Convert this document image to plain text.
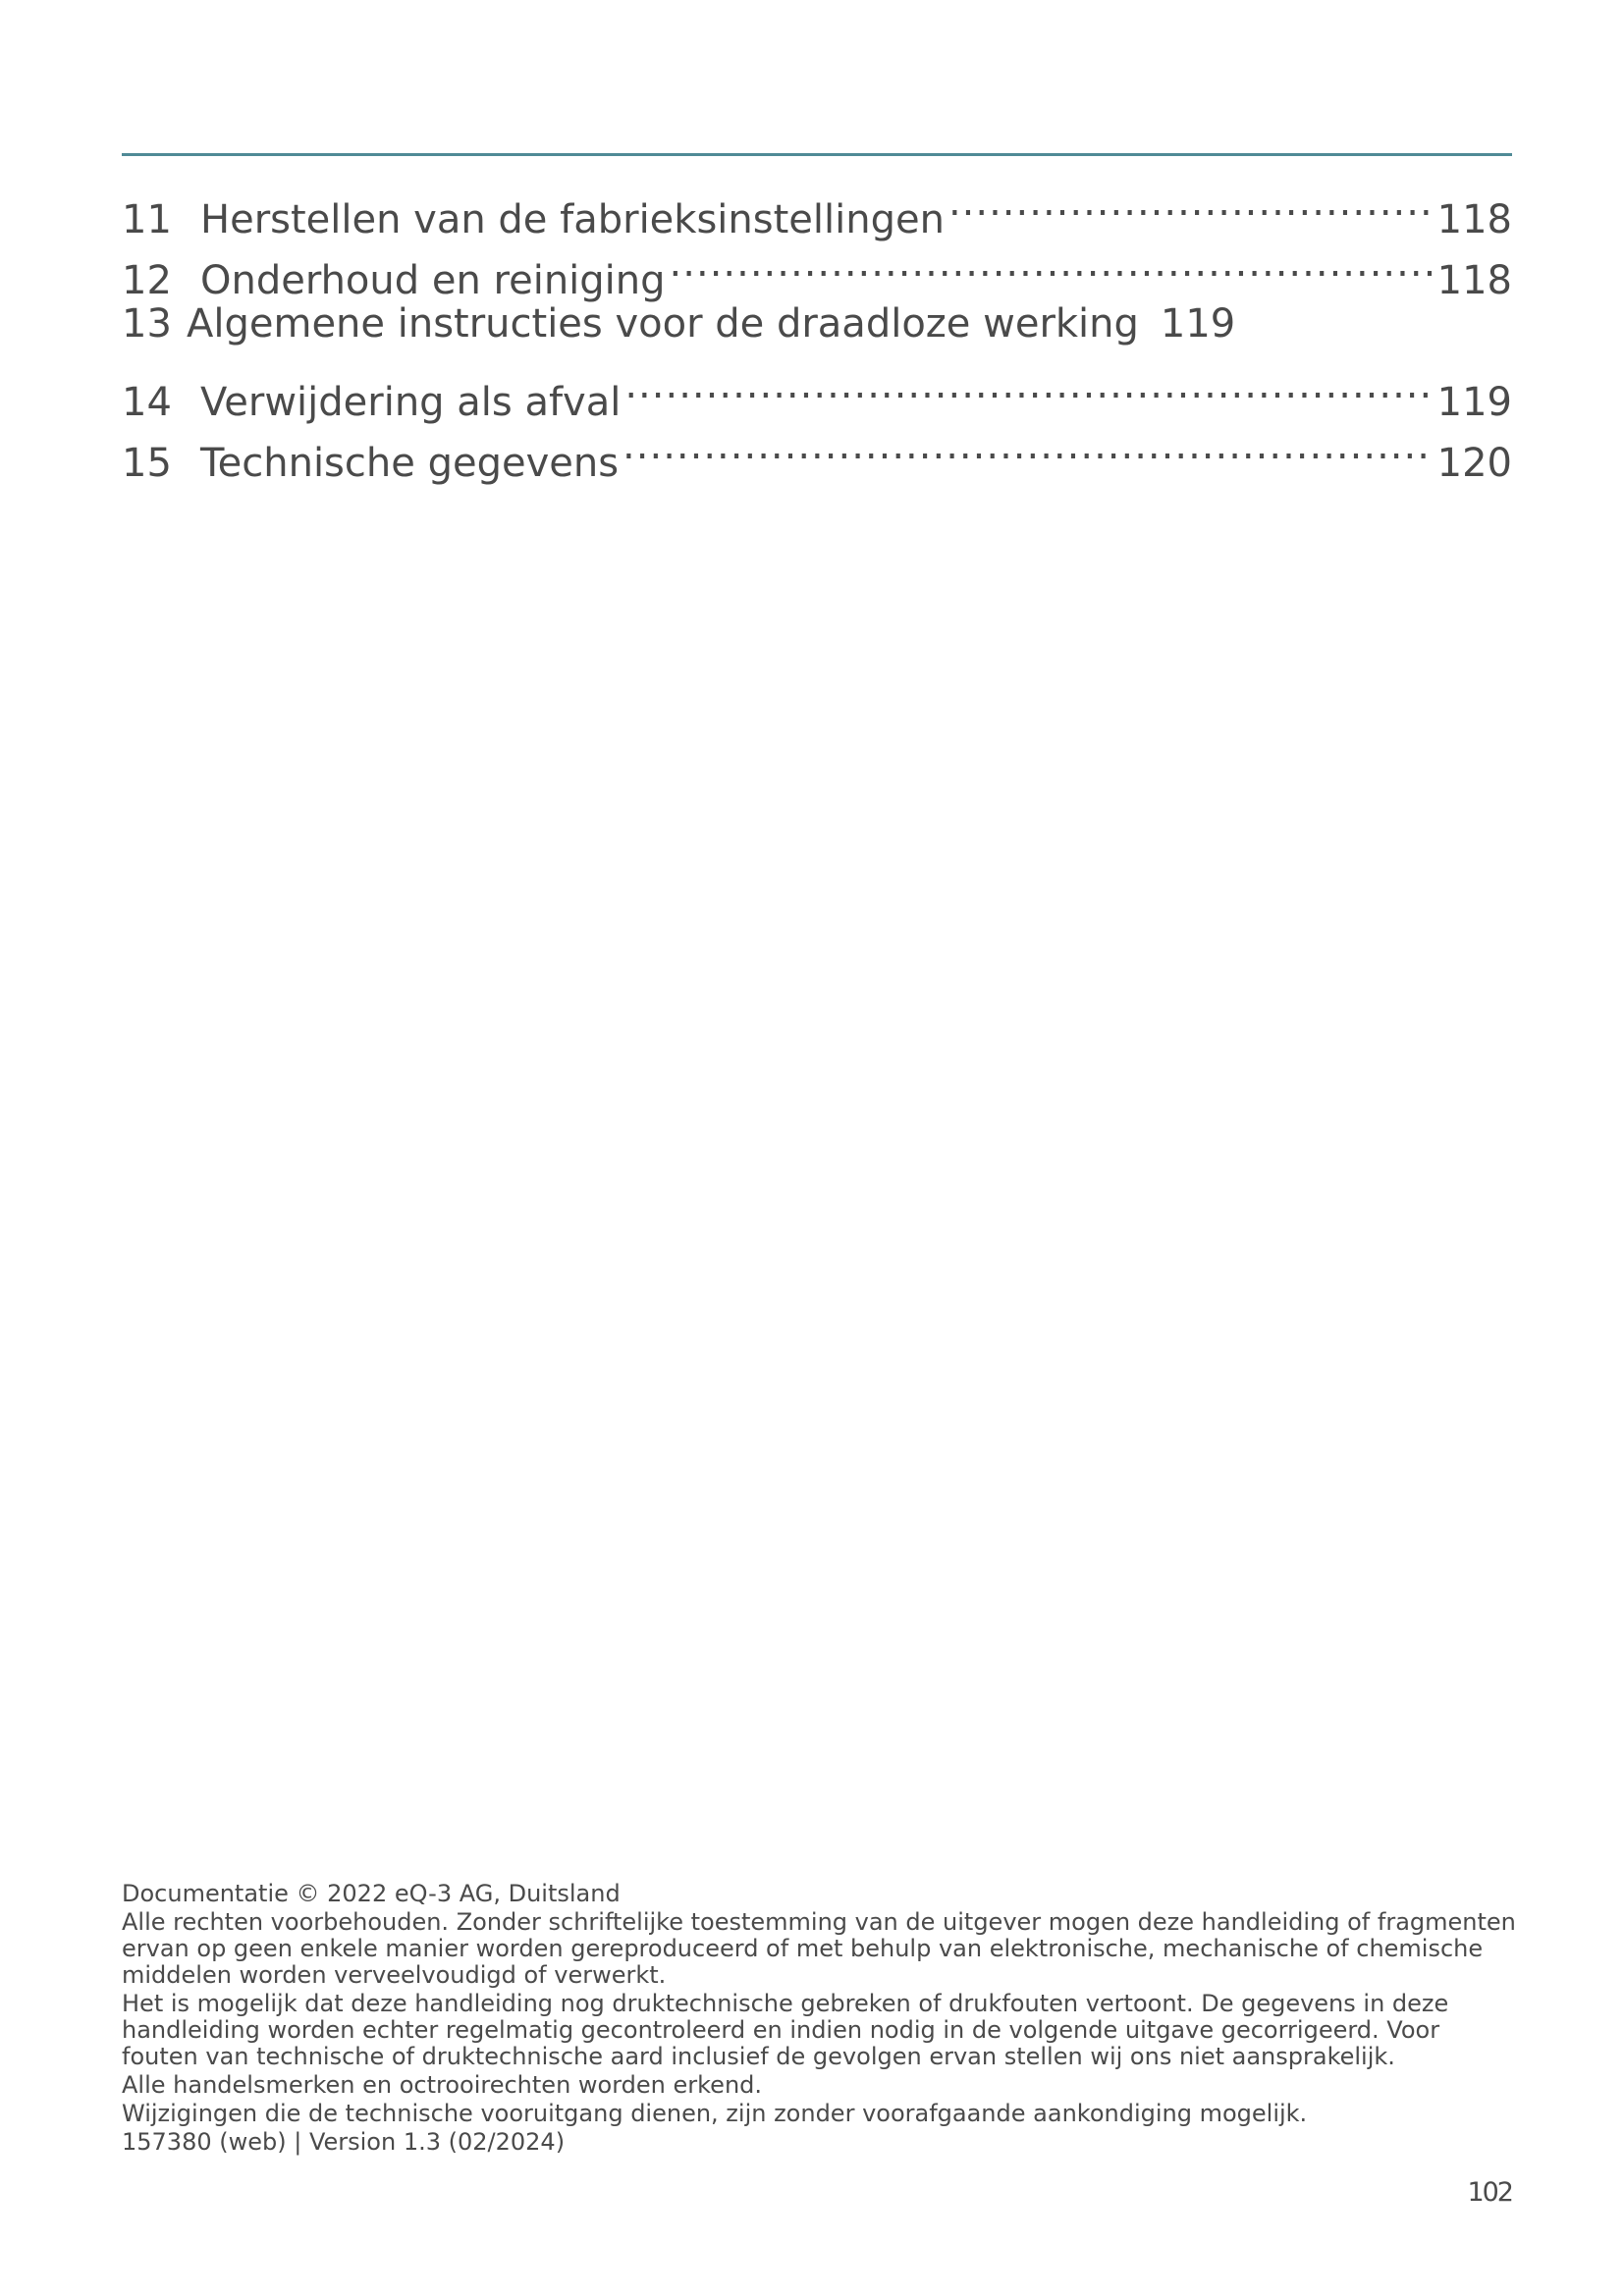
11 Herstellen van de fabrieksinstellingen .....	118
12 Onderhoud en reiniging .....	118
13 Algemene instructies voor de draadloze werking 119
14 Verwijdering als afval .....	119
15 Technische gegevens .....	120

Documentatie © 2022 eQ-3 AG, Duitsland

Alle rechten voorbehouden. Zonder schriftelijke toestemming van de uitgever mogen deze handleiding of fragmenten ervan op geen enkele manier worden gereproduceerd of met behulp van elektronische, mechanische of chemische middelen worden verveelvoudigd of verwerkt.

Het is mogelijk dat deze handleiding nog druktechnische gebreken of drukfouten vertoont. De gegevens in deze handleiding worden echter regelmatig gecontroleerd en indien nodig in de volgende uitgave gecorrigeerd. Voor fouten van technische of druktechnische aard inclusief de gevolgen ervan stellen wij ons niet aansprakelijk.

Alle handelsmerken en octrooirechten worden erkend.

Wijzigingen die de technische vooruitgang dienen, zijn zonder voorafgaande aankondiging mogelijk.

157380 (web) | Version 1.3 (02/2024)

102
